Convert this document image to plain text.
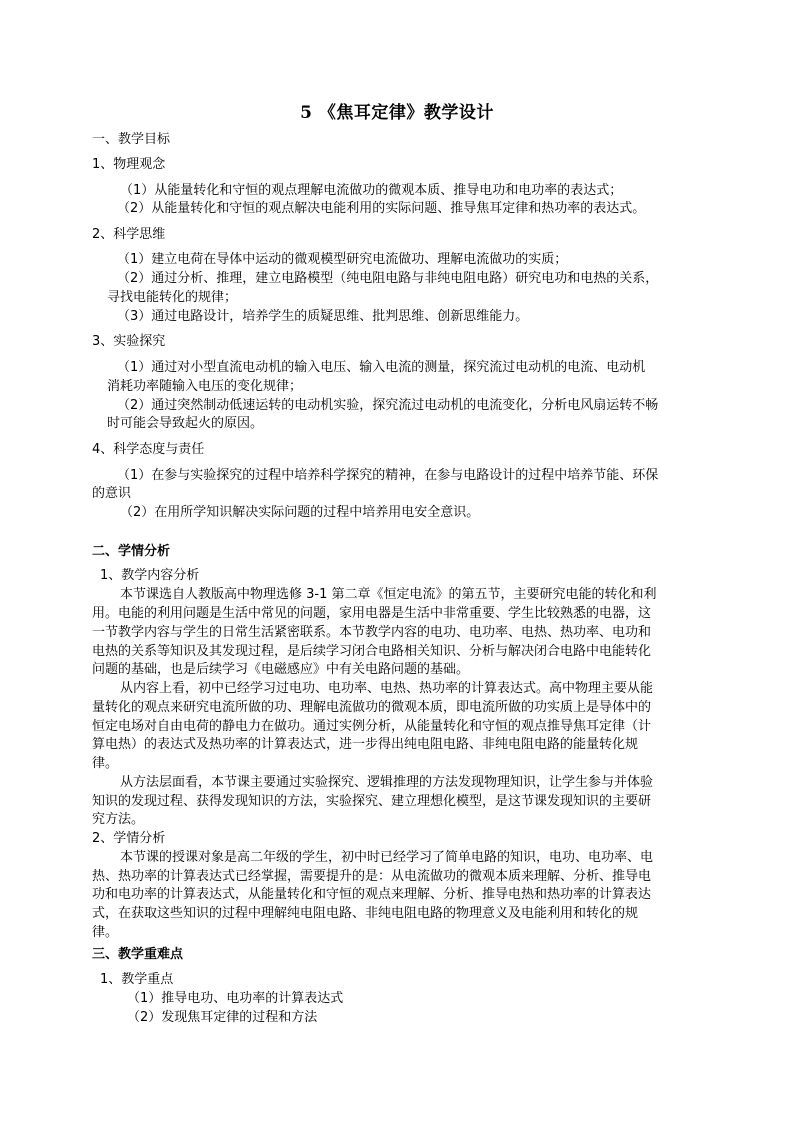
5 《焦耳定律》教学设计
一、教学目标
1、物理观念
（1）从能量转化和守恒的观点理解电流做功的微观本质、推导电功和电功率的表达式；
（2）从能量转化和守恒的观点解决电能利用的实际问题、推导焦耳定律和热功率的表达式。
2、科学思维
（1）建立电荷在导体中运动的微观模型研究电流做功、理解电流做功的实质；
（2）通过分析、推理，建立电路模型（纯电阻电路与非纯电阻电路）研究电功和电热的关系，
寻找电能转化的规律；
（3）通过电路设计，培养学生的质疑思维、批判思维、创新思维能力。
3、实验探究
（1）通过对小型直流电动机的输入电压、输入电流的测量，探究流过电动机的电流、电动机
消耗功率随输入电压的变化规律；
（2）通过突然制动低速运转的电动机实验，探究流过电动机的电流变化，分析电风扇运转不畅
时可能会导致起火的原因。
4、科学态度与责任
（1）在参与实验探究的过程中培养科学探究的精神，在参与电路设计的过程中培养节能、环保
的意识
（2）在用所学知识解决实际问题的过程中培养用电安全意识。
二、学情分析
1、教学内容分析
本节课选自人教版高中物理选修 3-1 第二章《恒定电流》的第五节，主要研究电能的转化和利
用。电能的利用问题是生活中常见的问题，家用电器是生活中非常重要、学生比较熟悉的电器，这
一节教学内容与学生的日常生活紧密联系。本节教学内容的电功、电功率、电热、热功率、电功和
电热的关系等知识及其发现过程，是后续学习闭合电路相关知识、分析与解决闭合电路中电能转化
问题的基础，也是后续学习《电磁感应》中有关电路问题的基础。
从内容上看，初中已经学习过电功、电功率、电热、热功率的计算表达式。高中物理主要从能
量转化的观点来研究电流所做的功、理解电流做功的微观本质，即电流所做的功实质上是导体中的
恒定电场对自由电荷的静电力在做功。通过实例分析，从能量转化和守恒的观点推导焦耳定律（计
算电热）的表达式及热功率的计算表达式，进一步得出纯电阻电路、非纯电阻电路的能量转化规
律。
从方法层面看，本节课主要通过实验探究、逻辑推理的方法发现物理知识，让学生参与并体验
知识的发现过程、获得发现知识的方法，实验探究、建立理想化模型，是这节课发现知识的主要研
究方法。
2、学情分析
本节课的授课对象是高二年级的学生，初中时已经学习了简单电路的知识，电功、电功率、电
热、热功率的计算表达式已经掌握，需要提升的是：从电流做功的微观本质来理解、分析、推导电
功和电功率的计算表达式，从能量转化和守恒的观点来理解、分析、推导电热和热功率的计算表达
式，在获取这些知识的过程中理解纯电阻电路、非纯电阻电路的物理意义及电能利用和转化的规
律。
三、教学重难点
1、教学重点
（1）推导电功、电功率的计算表达式
（2）发现焦耳定律的过程和方法
